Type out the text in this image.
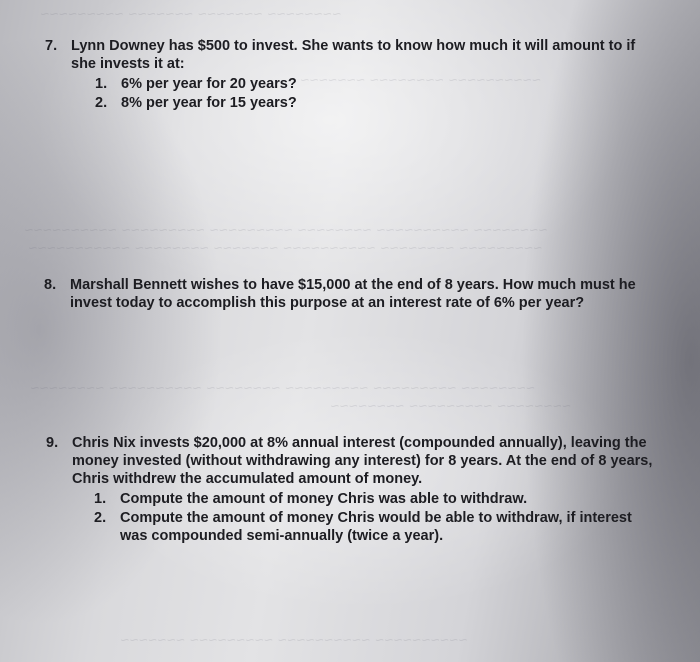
~~~~~~~~ ~~~~~~~ ~~~~~~~ ~~~~~~~~~
~~~~~~~~~~ ~~~~~~~~ ~~~~~~~
~~~~~~~~ ~~~~~~~~~~ ~~~~~~~~ ~~~~~~~~~ ~~~~~~~~~ ~~~~~~~~~~
~~~~~~~~~ ~~~~~~~~ ~~~~~~~~~~ ~~~~~~~ ~~~~~~~~ ~~~~~~~~~~~
~~~~~~~~ ~~~~~~~~~ ~~~~~~~~~ ~~~~~~~~ ~~~~~~~~~~ ~~~~~~~~
~~~~~~~~ ~~~~~~~~~ ~~~~~~~~
~~~~~~~~~~ ~~~~~~~~~~ ~~~~~~~~~ ~~~~~~~
7. Lynn Downey has $500 to invest. She wants to know how much it will amount to if she invests it at:

1. 6% per year for 20 years?
2. 8% per year for 15 years?
8. Marshall Bennett wishes to have $15,000 at the end of 8 years. How much must he invest today to accomplish this purpose at an interest rate of 6% per year?

9. Chris Nix invests $20,000 at 8% annual interest (compounded annually), leaving the money invested (without withdrawing any interest) for 8 years. At the end of 8 years, Chris withdrew the accumulated amount of money.

1. Compute the amount of money Chris was able to withdraw.
2. Compute the amount of money Chris would be able to withdraw, if interest was compounded semi-annually (twice a year).
